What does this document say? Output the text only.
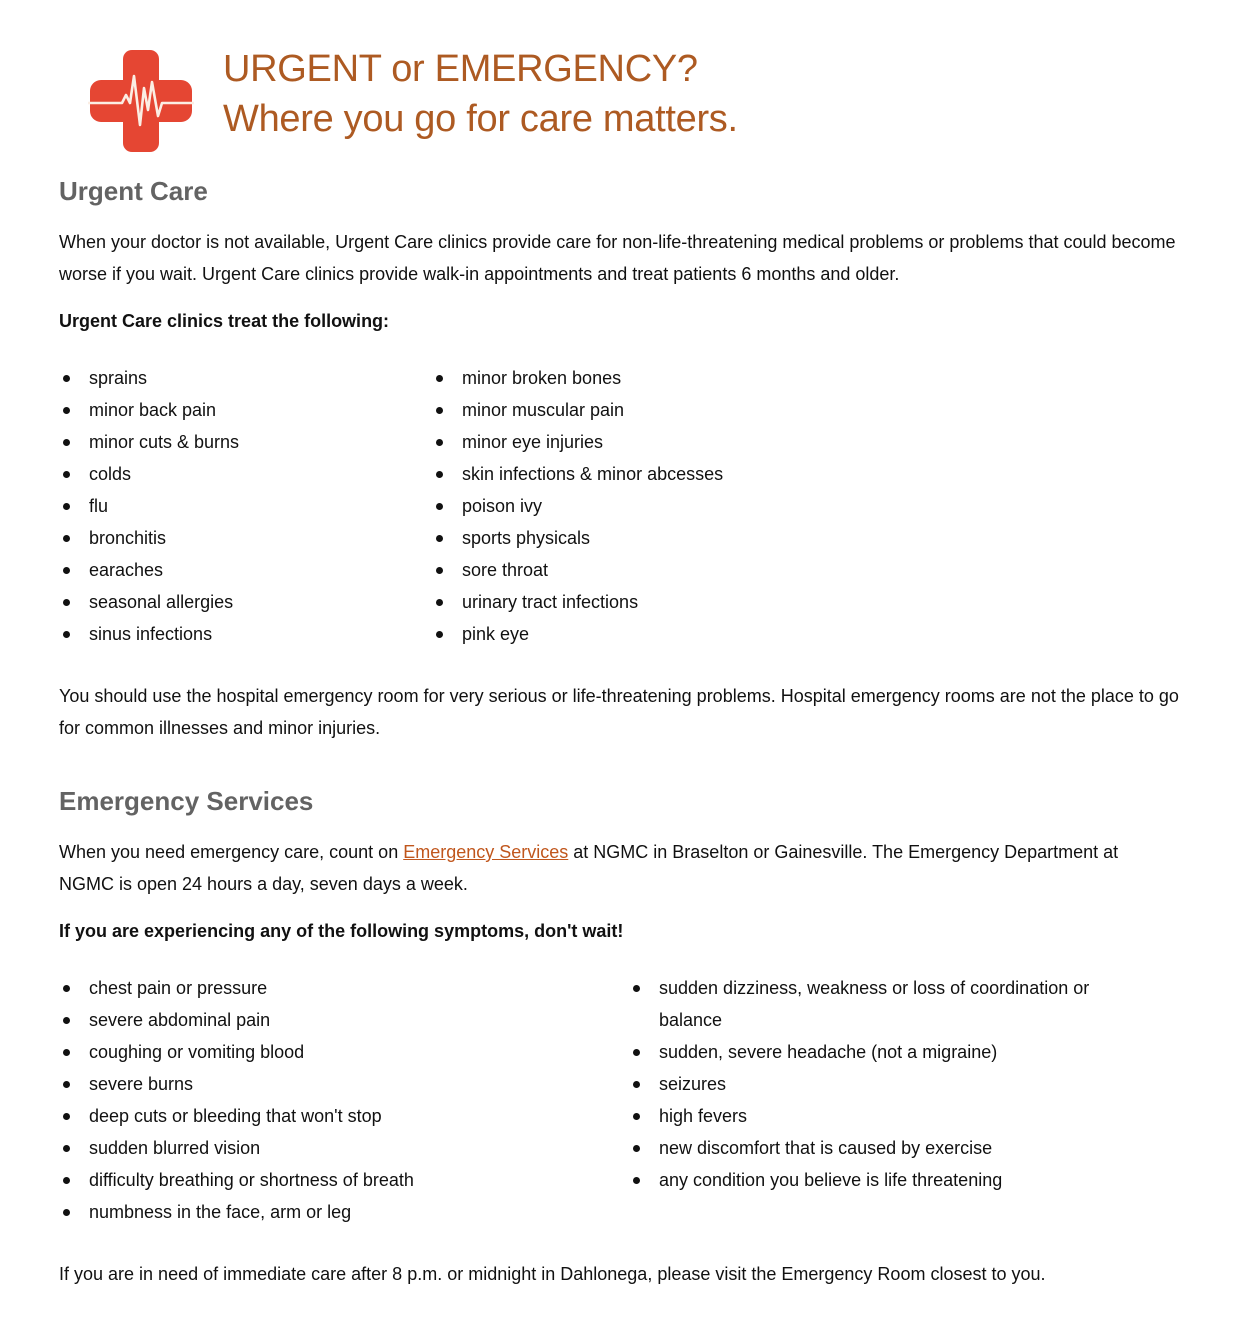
URGENT or EMERGENCY?
Where you go for care matters.
Urgent Care

When your doctor is not available, Urgent Care clinics provide care for non-life-threatening medical problems or problems that could become worse if you wait. Urgent Care clinics provide walk-in appointments and treat patients 6 months and older.

Urgent Care clinics treat the following:

sprains
minor back pain
minor cuts & burns
colds
flu
bronchitis
earaches
seasonal allergies
sinus infections
minor broken bones
minor muscular pain
minor eye injuries
skin infections & minor abcesses
poison ivy
sports physicals
sore throat
urinary tract infections
pink eye

You should use the hospital emergency room for very serious or life-threatening problems. Hospital emergency rooms are not the place to go for common illnesses and minor injuries.

Emergency Services

When you need emergency care, count on Emergency Services at NGMC in Braselton or Gainesville. The Emergency Department at NGMC is open 24 hours a day, seven days a week.

If you are experiencing any of the following symptoms, don't wait!

chest pain or pressure
severe abdominal pain
coughing or vomiting blood
severe burns
deep cuts or bleeding that won't stop
sudden blurred vision
difficulty breathing or shortness of breath
numbness in the face, arm or leg
sudden dizziness, weakness or loss of coordination or balance
sudden, severe headache (not a migraine)
seizures
high fevers
new discomfort that is caused by exercise
any condition you believe is life threatening

If you are in need of immediate care after 8 p.m. or midnight in Dahlonega, please visit the Emergency Room closest to you.
